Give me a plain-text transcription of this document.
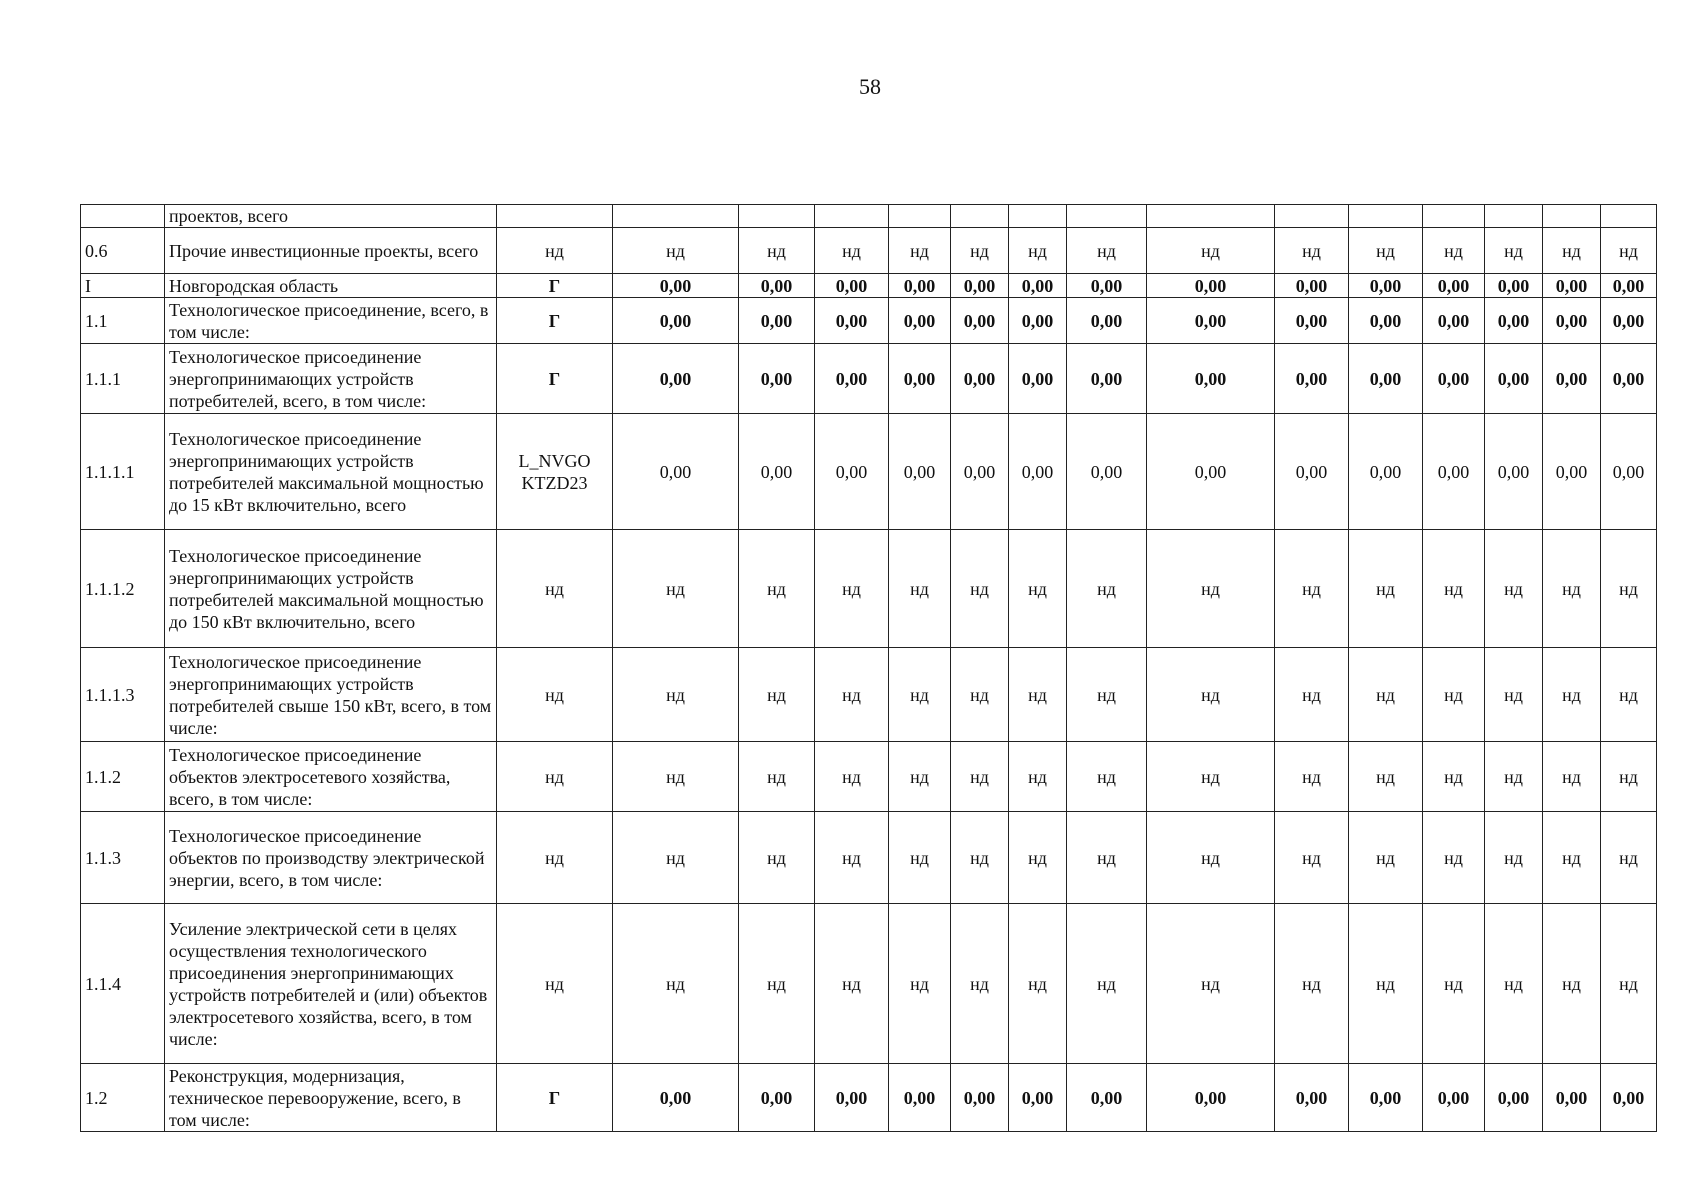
58
	проектов, всего															
0.6	Прочие инвестиционные проекты, всего	нд	нд	нд	нд	нд	нд	нд	нд	нд	нд	нд	нд	нд	нд	нд
I	Новгородская область	Г	0,00	0,00	0,00	0,00	0,00	0,00	0,00	0,00	0,00	0,00	0,00	0,00	0,00	0,00
1.1	Технологическое присоединение, всего, в том числе:	Г	0,00	0,00	0,00	0,00	0,00	0,00	0,00	0,00	0,00	0,00	0,00	0,00	0,00	0,00
1.1.1	Технологическое присоединение энергопринимающих устройств потребителей, всего, в том числе:	Г	0,00	0,00	0,00	0,00	0,00	0,00	0,00	0,00	0,00	0,00	0,00	0,00	0,00	0,00
1.1.1.1	Технологическое присоединение энергопринимающих устройств потребителей максимальной мощностью до 15 кВт включительно, всего	L_NVGO KTZD23	0,00	0,00	0,00	0,00	0,00	0,00	0,00	0,00	0,00	0,00	0,00	0,00	0,00	0,00
1.1.1.2	Технологическое присоединение энергопринимающих устройств потребителей максимальной мощностью до 150 кВт включительно, всего	нд	нд	нд	нд	нд	нд	нд	нд	нд	нд	нд	нд	нд	нд	нд
1.1.1.3	Технологическое присоединение энергопринимающих устройств потребителей свыше 150 кВт, всего, в том числе:	нд	нд	нд	нд	нд	нд	нд	нд	нд	нд	нд	нд	нд	нд	нд
1.1.2	Технологическое присоединение объектов электросетевого хозяйства, всего, в том числе:	нд	нд	нд	нд	нд	нд	нд	нд	нд	нд	нд	нд	нд	нд	нд
1.1.3	Технологическое присоединение объектов по производству электрической энергии, всего, в том числе:	нд	нд	нд	нд	нд	нд	нд	нд	нд	нд	нд	нд	нд	нд	нд
1.1.4	Усиление электрической сети в целях осуществления технологического присоединения энергопринимающих устройств потребителей и (или) объектов электросетевого хозяйства, всего, в том числе:	нд	нд	нд	нд	нд	нд	нд	нд	нд	нд	нд	нд	нд	нд	нд
1.2	Реконструкция, модернизация, техническое перевооружение, всего, в том числе:	Г	0,00	0,00	0,00	0,00	0,00	0,00	0,00	0,00	0,00	0,00	0,00	0,00	0,00	0,00
